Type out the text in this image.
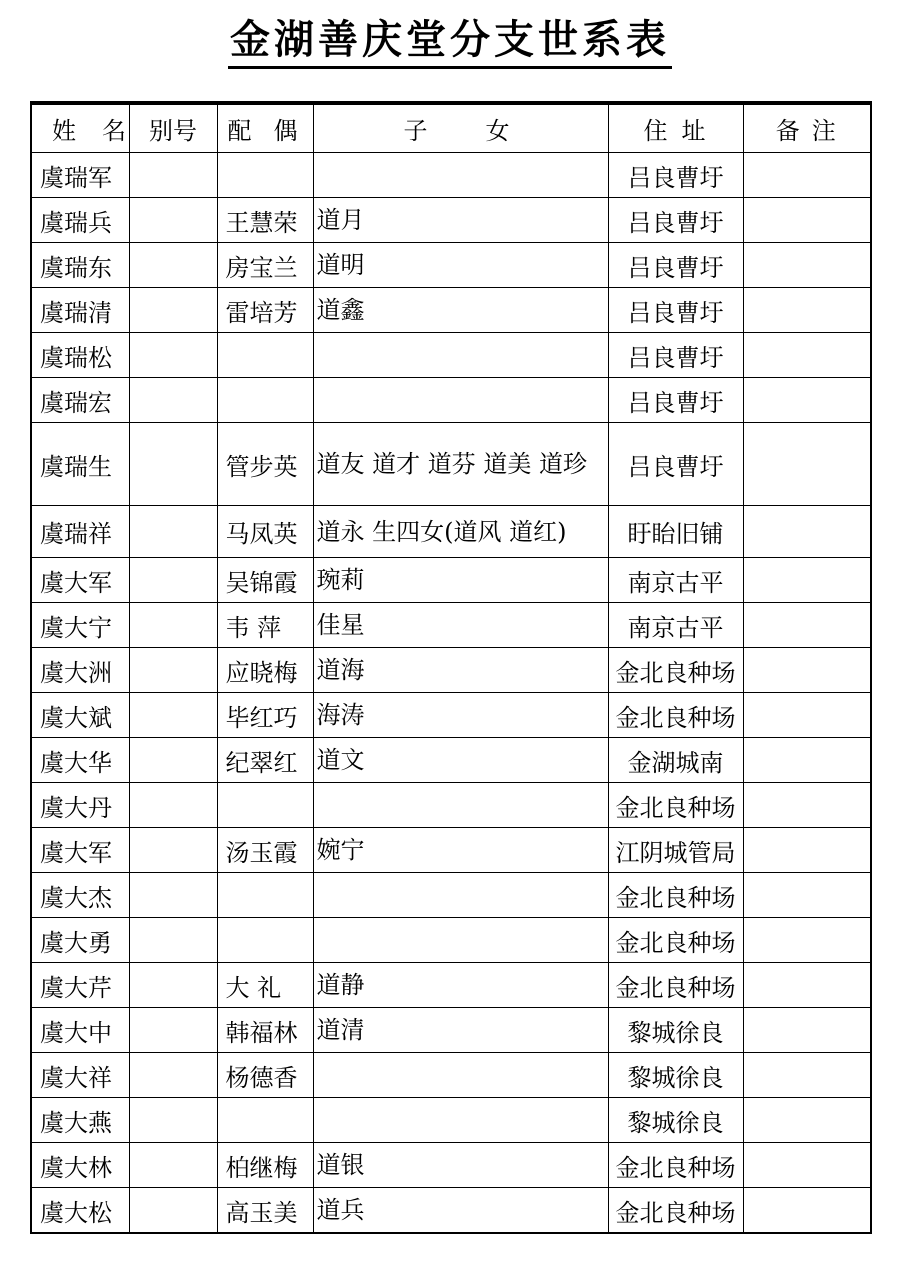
金湖善庆堂分支世系表
姓名	别号	配偶	子女	住址	备注
虞瑞军				吕良曹圩	
虞瑞兵		王慧荣	道月	吕良曹圩	
虞瑞东		房宝兰	道明	吕良曹圩	
虞瑞清		雷培芳	道鑫	吕良曹圩	
虞瑞松				吕良曹圩	
虞瑞宏				吕良曹圩	
虞瑞生		管步英	道友 道才 道芬 道美 道珍	吕良曹圩	
虞瑞祥		马凤英	道永 生四女(道风 道红)	盱眙旧铺	
虞大军		吴锦霞	琬莉	南京古平	
虞大宁		韦 萍	佳星	南京古平	
虞大洲		应晓梅	道海	金北良种场	
虞大斌		毕红巧	海涛	金北良种场	
虞大华		纪翠红	道文	金湖城南	
虞大丹				金北良种场	
虞大军		汤玉霞	婉宁	江阴城管局	
虞大杰				金北良种场	
虞大勇				金北良种场	
虞大芹		大 礼	道静	金北良种场	
虞大中		韩福林	道清	黎城徐良	
虞大祥		杨德香		黎城徐良	
虞大燕				黎城徐良	
虞大林		柏继梅	道银	金北良种场	
虞大松		高玉美	道兵	金北良种场	
